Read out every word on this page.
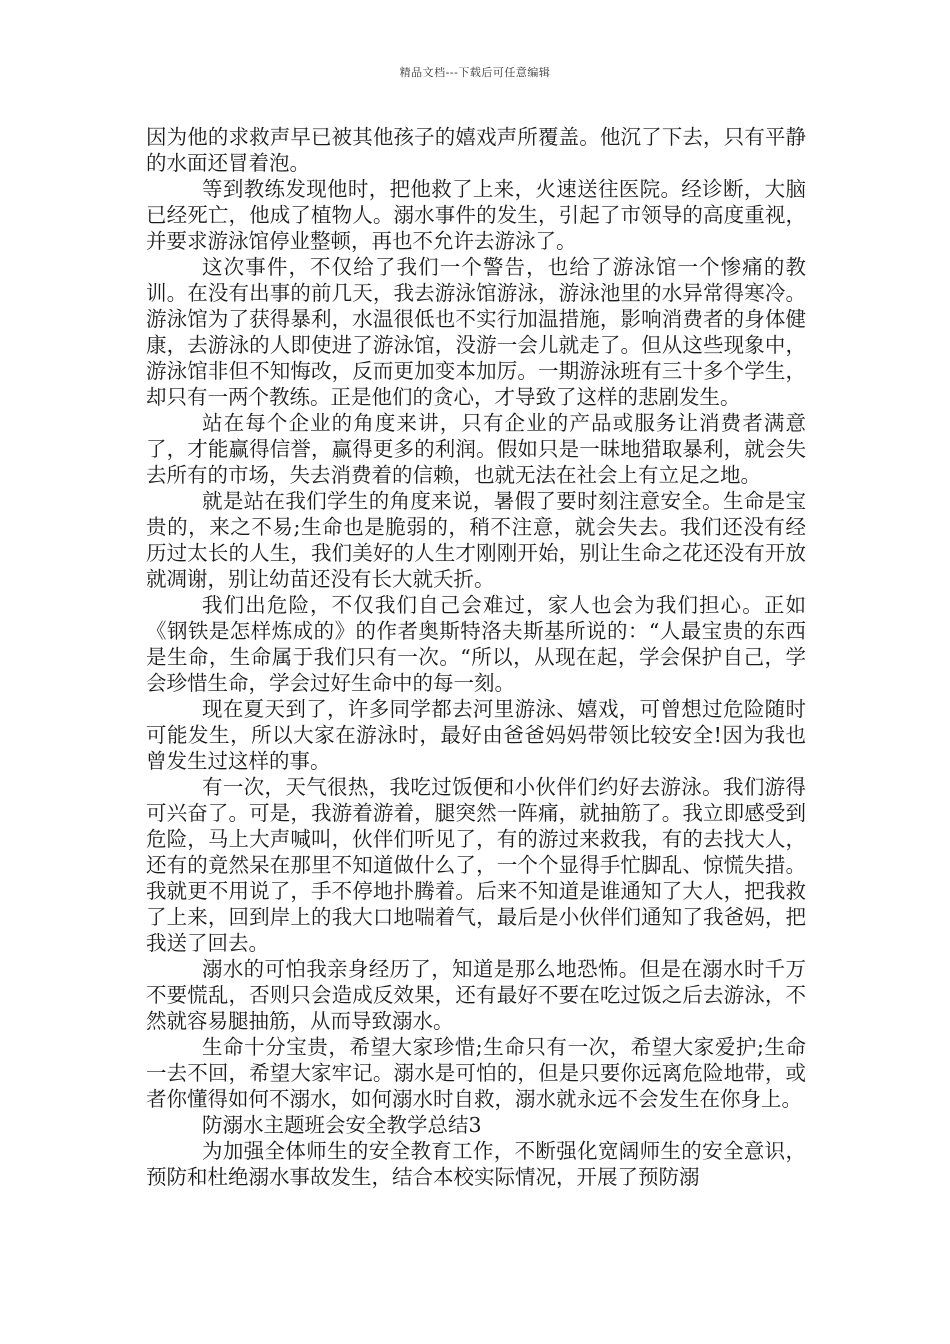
精品文档---下载后可任意编辑

因为他的求救声早已被其他孩子的嬉戏声所覆盖。他沉了下去，只有平静的水面还冒着泡。

等到教练发现他时，把他救了上来，火速送往医院。经诊断，大脑已经死亡，他成了植物人。溺水事件的发生，引起了市领导的高度重视，并要求游泳馆停业整顿，再也不允许去游泳了。

这次事件，不仅给了我们一个警告，也给了游泳馆一个惨痛的教训。在没有出事的前几天，我去游泳馆游泳，游泳池里的水异常得寒冷。游泳馆为了获得暴利，水温很低也不实行加温措施，影响消费者的身体健康，去游泳的人即使进了游泳馆，没游一会儿就走了。但从这些现象中，游泳馆非但不知悔改，反而更加变本加厉。一期游泳班有三十多个学生，却只有一两个教练。正是他们的贪心，才导致了这样的悲剧发生。

站在每个企业的角度来讲，只有企业的产品或服务让消费者满意了，才能赢得信誉，赢得更多的利润。假如只是一昧地猎取暴利，就会失去所有的市场，失去消费着的信赖，也就无法在社会上有立足之地。

就是站在我们学生的角度来说，暑假了要时刻注意安全。生命是宝贵的，来之不易;生命也是脆弱的，稍不注意，就会失去。我们还没有经历过太长的人生，我们美好的人生才刚刚开始，别让生命之花还没有开放就凋谢，别让幼苗还没有长大就夭折。

我们出危险，不仅我们自己会难过，家人也会为我们担心。正如《钢铁是怎样炼成的》的作者奥斯特洛夫斯基所说的：“人最宝贵的东西是生命，生命属于我们只有一次。“所以，从现在起，学会保护自己，学会珍惜生命，学会过好生命中的每一刻。

现在夏天到了，许多同学都去河里游泳、嬉戏，可曾想过危险随时可能发生，所以大家在游泳时，最好由爸爸妈妈带领比较安全!因为我也曾发生过这样的事。

有一次，天气很热，我吃过饭便和小伙伴们约好去游泳。我们游得可兴奋了。可是，我游着游着，腿突然一阵痛，就抽筋了。我立即感受到危险，马上大声喊叫，伙伴们听见了，有的游过来救我，有的去找大人，还有的竟然呆在那里不知道做什么了，一个个显得手忙脚乱、惊慌失措。我就更不用说了，手不停地扑腾着。后来不知道是谁通知了大人，把我救了上来，回到岸上的我大口地喘着气，最后是小伙伴们通知了我爸妈，把我送了回去。

溺水的可怕我亲身经历了，知道是那么地恐怖。但是在溺水时千万不要慌乱，否则只会造成反效果，还有最好不要在吃过饭之后去游泳，不然就容易腿抽筋，从而导致溺水。

生命十分宝贵，希望大家珍惜;生命只有一次，希望大家爱护;生命一去不回，希望大家牢记。溺水是可怕的，但是只要你远离危险地带，或者你懂得如何不溺水，如何溺水时自救，溺水就永远不会发生在你身上。

防溺水主题班会安全教学总结3

为加强全体师生的安全教育工作，不断强化宽阔师生的安全意识，预防和杜绝溺水事故发生，结合本校实际情况，开展了预防溺
